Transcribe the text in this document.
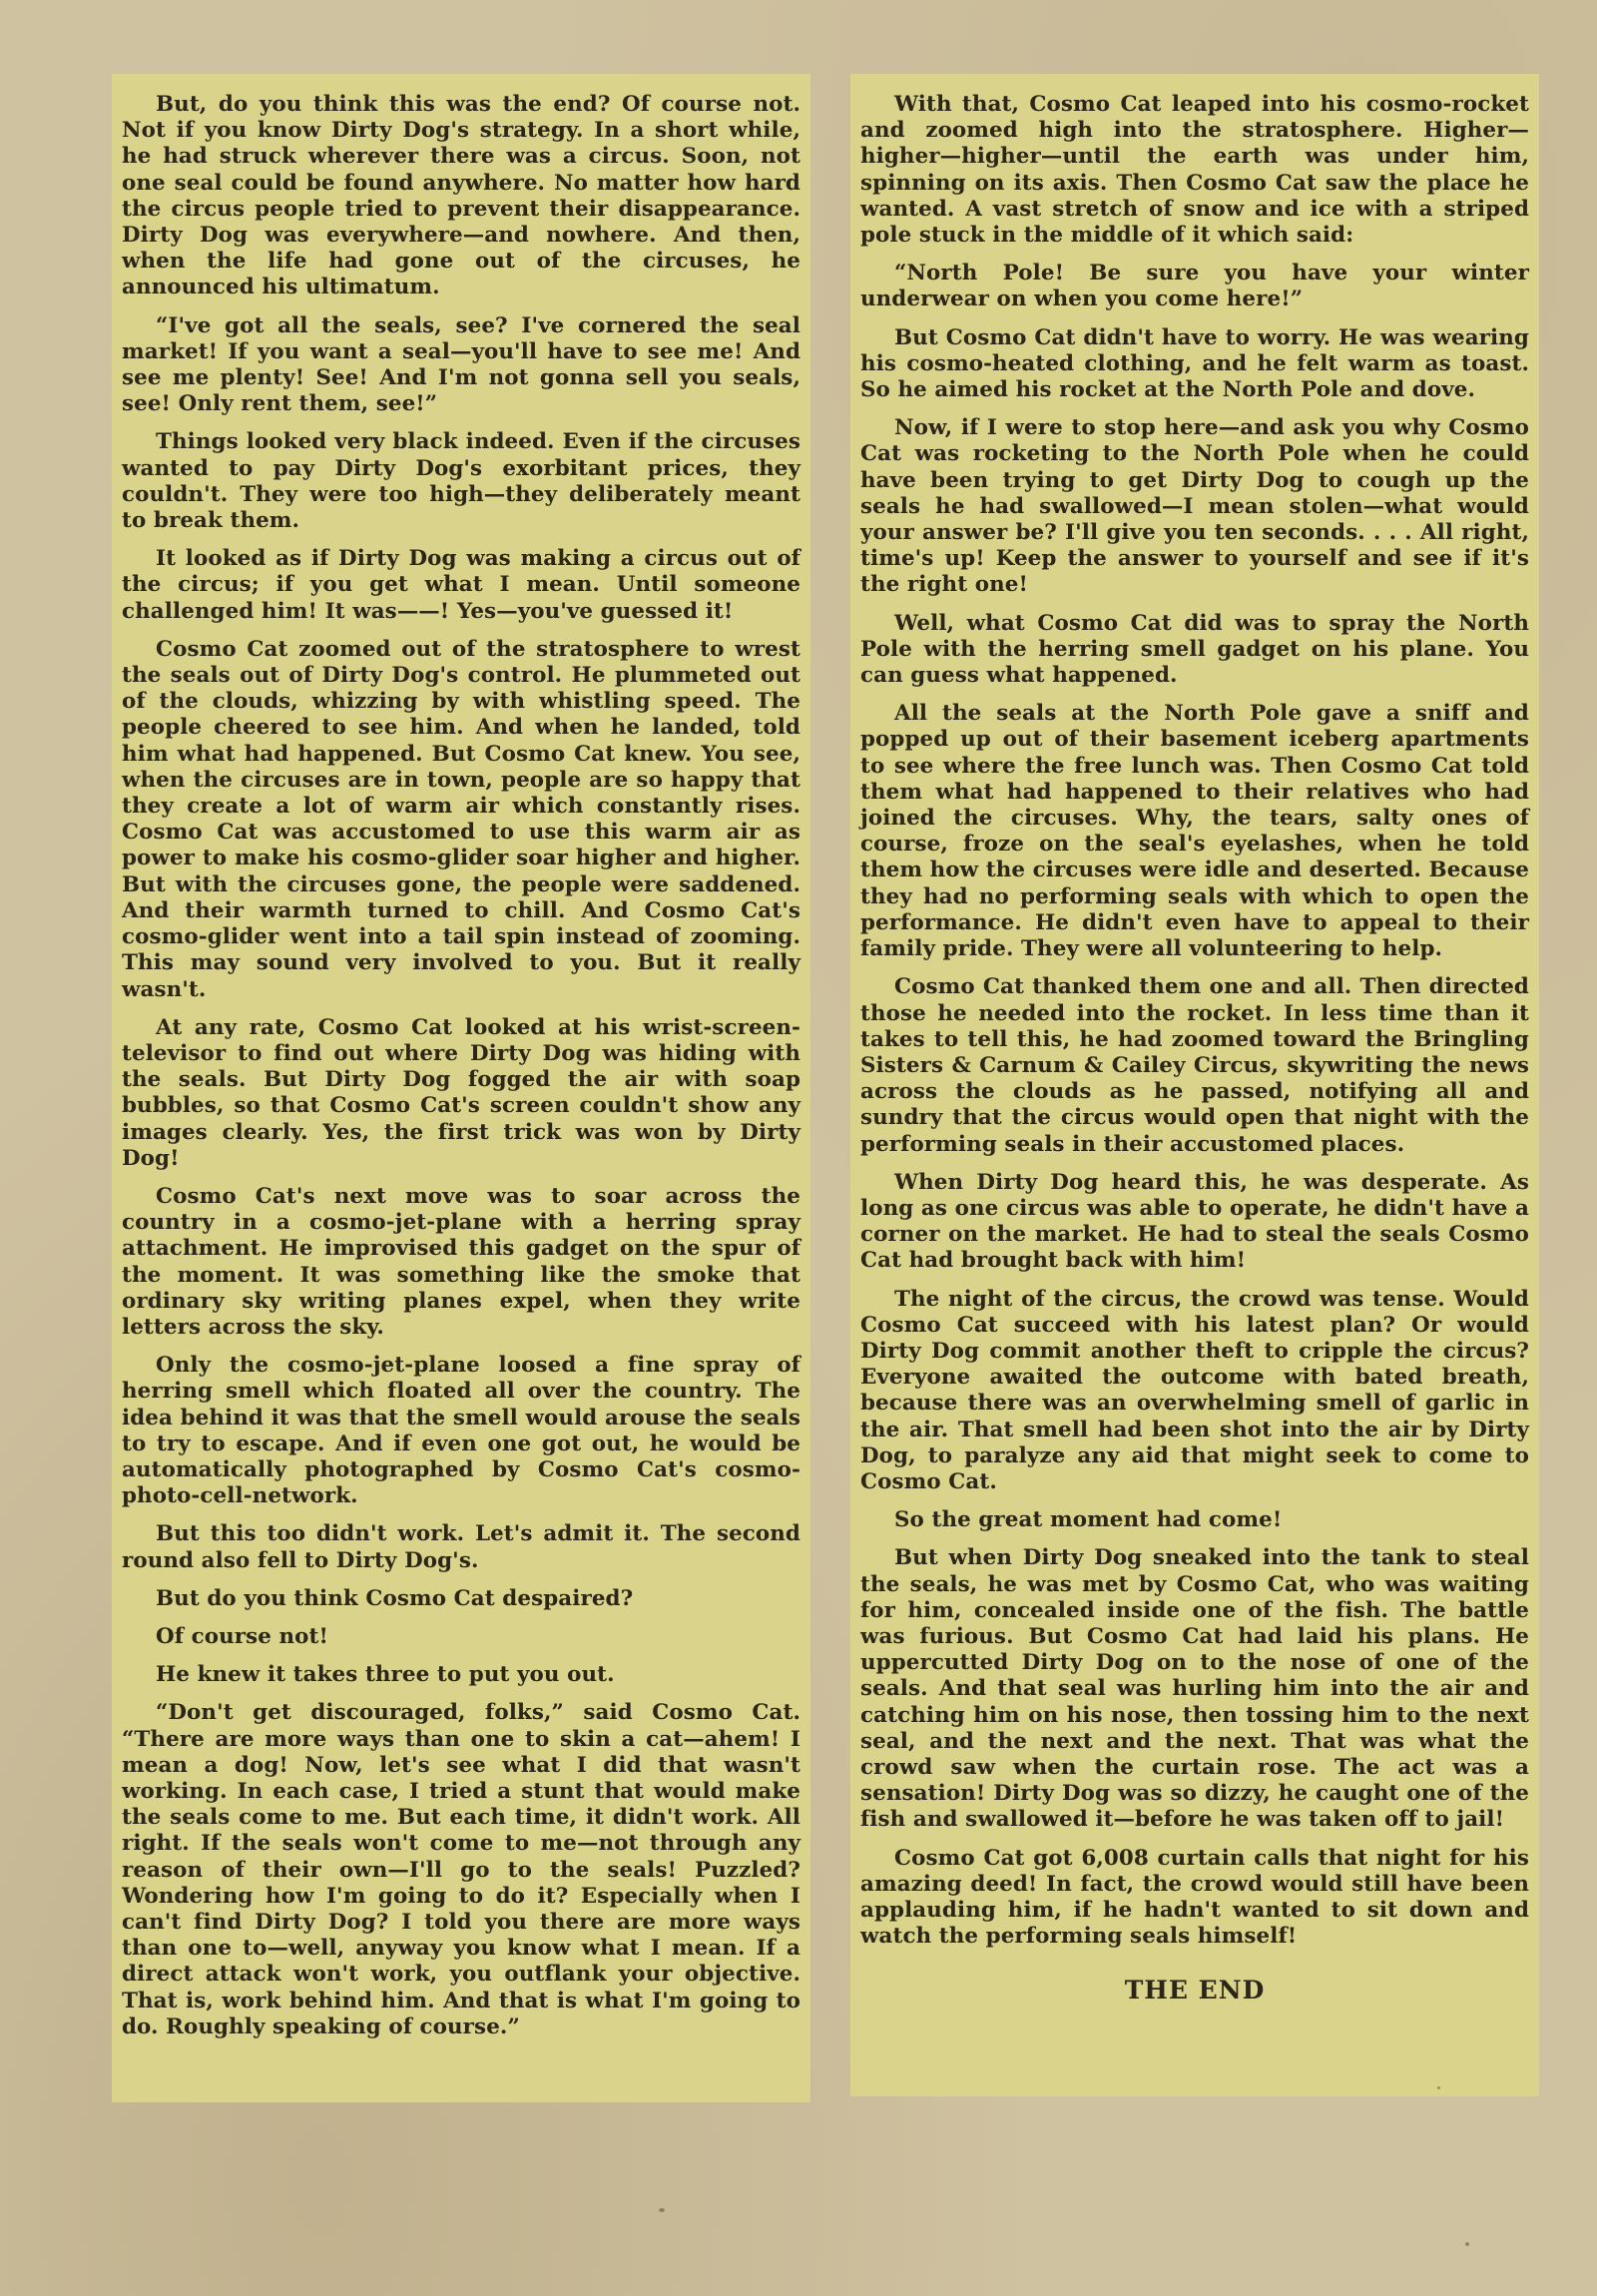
But, do you think this was the end? Of course not. Not if you know Dirty Dog's strategy. In a short while, he had struck wherever there was a circus. Soon, not one seal could be found anywhere. No matter how hard the circus people tried to prevent their disappearance. Dirty Dog was everywhere—and nowhere. And then, when the life had gone out of the circuses, he announced his ultimatum.

“I've got all the seals, see? I've cornered the seal market! If you want a seal—you'll have to see me! And see me plenty! See! And I'm not gonna sell you seals, see! Only rent them, see!”

Things looked very black indeed. Even if the circuses wanted to pay Dirty Dog's exorbitant prices, they couldn't. They were too high—they deliberately meant to break them.

It looked as if Dirty Dog was making a circus out of the circus; if you get what I mean. Until someone challenged him! It was——! Yes—you've guessed it!

Cosmo Cat zoomed out of the stratosphere to wrest the seals out of Dirty Dog's control. He plummeted out of the clouds, whizzing by with whistling speed. The people cheered to see him. And when he landed, told him what had happened. But Cosmo Cat knew. You see, when the circuses are in town, people are so happy that they create a lot of warm air which constantly rises. Cosmo Cat was accustomed to use this warm air as power to make his cosmo-glider soar higher and higher. But with the circuses gone, the people were saddened. And their warmth turned to chill. And Cosmo Cat's cosmo-glider went into a tail spin instead of zooming. This may sound very involved to you. But it really wasn't.

At any rate, Cosmo Cat looked at his wrist-screen-televisor to find out where Dirty Dog was hiding with the seals. But Dirty Dog fogged the air with soap bubbles, so that Cosmo Cat's screen couldn't show any images clearly. Yes, the first trick was won by Dirty Dog!

Cosmo Cat's next move was to soar across the country in a cosmo-jet-plane with a herring spray attachment. He improvised this gadget on the spur of the moment. It was something like the smoke that ordinary sky writing planes expel, when they write letters across the sky.

Only the cosmo-jet-plane loosed a fine spray of herring smell which floated all over the country. The idea behind it was that the smell would arouse the seals to try to escape. And if even one got out, he would be automatically photographed by Cosmo Cat's cosmo-photo-cell-network.

But this too didn't work. Let's admit it. The second round also fell to Dirty Dog's.

But do you think Cosmo Cat despaired?

Of course not!

He knew it takes three to put you out.

“Don't get discouraged, folks,” said Cosmo Cat. “There are more ways than one to skin a cat—ahem! I mean a dog! Now, let's see what I did that wasn't working. In each case, I tried a stunt that would make the seals come to me. But each time, it didn't work. All right. If the seals won't come to me—not through any reason of their own—I'll go to the seals! Puzzled? Wondering how I'm going to do it? Especially when I can't find Dirty Dog? I told you there are more ways than one to—well, anyway you know what I mean. If a direct attack won't work, you outflank your objective. That is, work behind him. And that is what I'm going to do. Roughly speaking of course.”

With that, Cosmo Cat leaped into his cosmo-rocket and zoomed high into the stratosphere. Higher—higher—higher—until the earth was under him, spinning on its axis. Then Cosmo Cat saw the place he wanted. A vast stretch of snow and ice with a striped pole stuck in the middle of it which said:

“North Pole! Be sure you have your winter underwear on when you come here!”

But Cosmo Cat didn't have to worry. He was wearing his cosmo-heated clothing, and he felt warm as toast. So he aimed his rocket at the North Pole and dove.

Now, if I were to stop here—and ask you why Cosmo Cat was rocketing to the North Pole when he could have been trying to get Dirty Dog to cough up the seals he had swallowed—I mean stolen—what would your answer be? I'll give you ten seconds. . . . All right, time's up! Keep the answer to yourself and see if it's the right one!

Well, what Cosmo Cat did was to spray the North Pole with the herring smell gadget on his plane. You can guess what happened.

All the seals at the North Pole gave a sniff and popped up out of their basement iceberg apartments to see where the free lunch was. Then Cosmo Cat told them what had happened to their relatives who had joined the circuses. Why, the tears, salty ones of course, froze on the seal's eyelashes, when he told them how the circuses were idle and deserted. Because they had no performing seals with which to open the performance. He didn't even have to appeal to their family pride. They were all volunteering to help.

Cosmo Cat thanked them one and all. Then directed those he needed into the rocket. In less time than it takes to tell this, he had zoomed toward the Bringling Sisters & Carnum & Cailey Circus, skywriting the news across the clouds as he passed, notifying all and sundry that the circus would open that night with the performing seals in their accustomed places.

When Dirty Dog heard this, he was desperate. As long as one circus was able to operate, he didn't have a corner on the market. He had to steal the seals Cosmo Cat had brought back with him!

The night of the circus, the crowd was tense. Would Cosmo Cat succeed with his latest plan? Or would Dirty Dog commit another theft to cripple the circus? Everyone awaited the outcome with bated breath, because there was an overwhelming smell of garlic in the air. That smell had been shot into the air by Dirty Dog, to paralyze any aid that might seek to come to Cosmo Cat.

So the great moment had come!

But when Dirty Dog sneaked into the tank to steal the seals, he was met by Cosmo Cat, who was waiting for him, concealed inside one of the fish. The battle was furious. But Cosmo Cat had laid his plans. He uppercutted Dirty Dog on to the nose of one of the seals. And that seal was hurling him into the air and catching him on his nose, then tossing him to the next seal, and the next and the next. That was what the crowd saw when the curtain rose. The act was a sensation! Dirty Dog was so dizzy, he caught one of the fish and swallowed it—before he was taken off to jail!

Cosmo Cat got 6,008 curtain calls that night for his amazing deed! In fact, the crowd would still have been applauding him, if he hadn't wanted to sit down and watch the performing seals himself!

THE END
